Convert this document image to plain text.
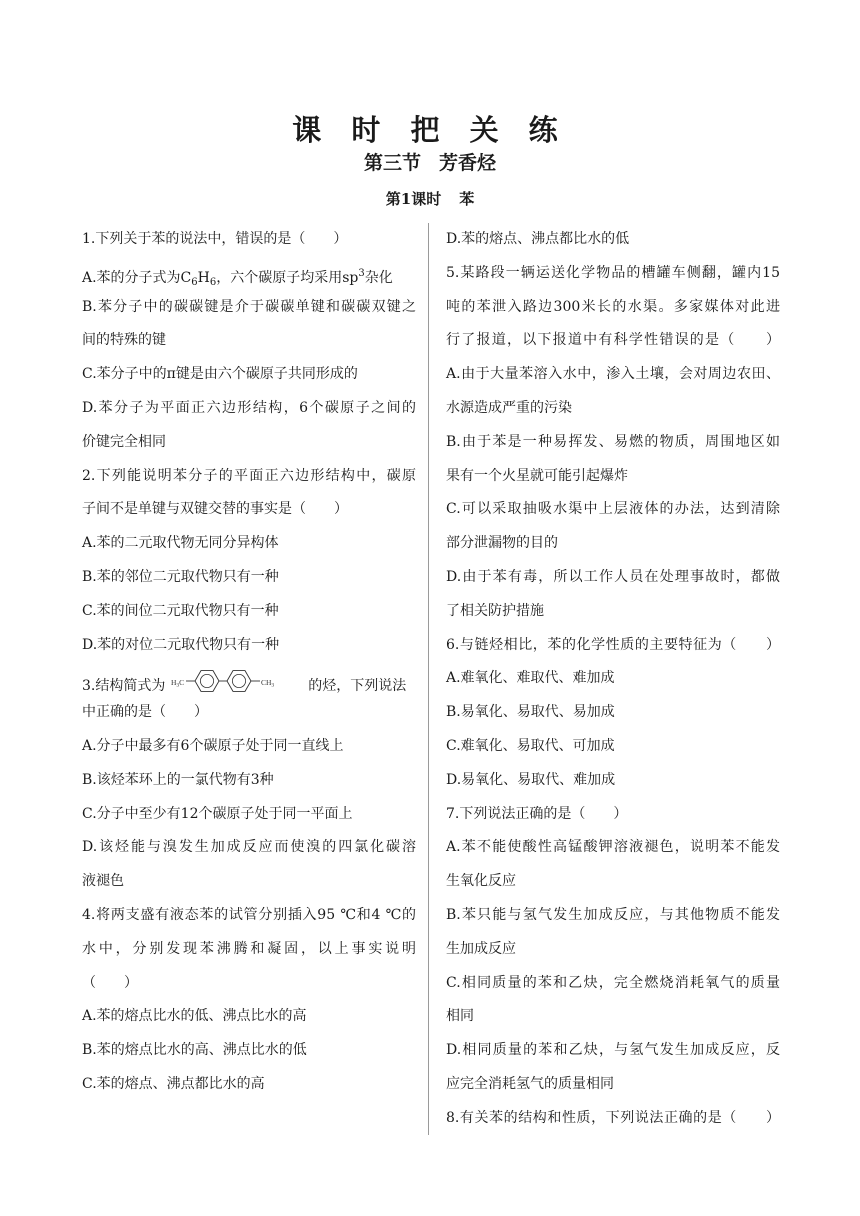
课 时 把 关 练
第三节 芳香烃
第1课时 苯
1.下列关于苯的说法中，错误的是（　　）
A.苯的分子式为$C_6H_6$，六个碳原子均采用$sp^3$杂化
B.苯分子中的碳碳键是介于碳碳单键和碳碳双键之
间的特殊的键
C.苯分子中的π键是由六个碳原子共同形成的
D.苯分子为平面正六边形结构，6个碳原子之间的
价键完全相同
2.下列能说明苯分子的平面正六边形结构中，碳原
子间不是单键与双键交替的事实是（　　）
A.苯的二元取代物无同分异构体
B.苯的邻位二元取代物只有一种
C.苯的间位二元取代物只有一种
D.苯的对位二元取代物只有一种
3.结构简式为 $H_3C$	$CH_3$ 的烃，下列说法
中正确的是（　　）
A.分子中最多有6个碳原子处于同一直线上
B.该烃苯环上的一氯代物有3种
C.分子中至少有12个碳原子处于同一平面上
D.该烃能与溴发生加成反应而使溴的四氯化碳溶
液褪色
4.将两支盛有液态苯的试管分别插入95 ℃和4 ℃的
水中，分别发现苯沸腾和凝固，以上事实说明
（　　）
A.苯的熔点比水的低、沸点比水的高
B.苯的熔点比水的高、沸点比水的低
C.苯的熔点、沸点都比水的高
D.苯的熔点、沸点都比水的低
5.某路段一辆运送化学物品的槽罐车侧翻，罐内15
吨的苯泄入路边300米长的水渠。多家媒体对此进
行了报道，以下报道中有科学性错误的是（　　）
A.由于大量苯溶入水中，渗入土壤，会对周边农田、
水源造成严重的污染
B.由于苯是一种易挥发、易燃的物质，周围地区如
果有一个火星就可能引起爆炸
C.可以采取抽吸水渠中上层液体的办法，达到清除
部分泄漏物的目的
D.由于苯有毒，所以工作人员在处理事故时，都做
了相关防护措施
6.与链烃相比，苯的化学性质的主要特征为（　　）
A.难氧化、难取代、难加成
B.易氧化、易取代、易加成
C.难氧化、易取代、可加成
D.易氧化、易取代、难加成
7.下列说法正确的是（　　）
A.苯不能使酸性高锰酸钾溶液褪色，说明苯不能发
生氧化反应
B.苯只能与氢气发生加成反应，与其他物质不能发
生加成反应
C.相同质量的苯和乙炔，完全燃烧消耗氧气的质量
相同
D.相同质量的苯和乙炔，与氢气发生加成反应，反
应完全消耗氢气的质量相同
8.有关苯的结构和性质，下列说法正确的是（　　）
